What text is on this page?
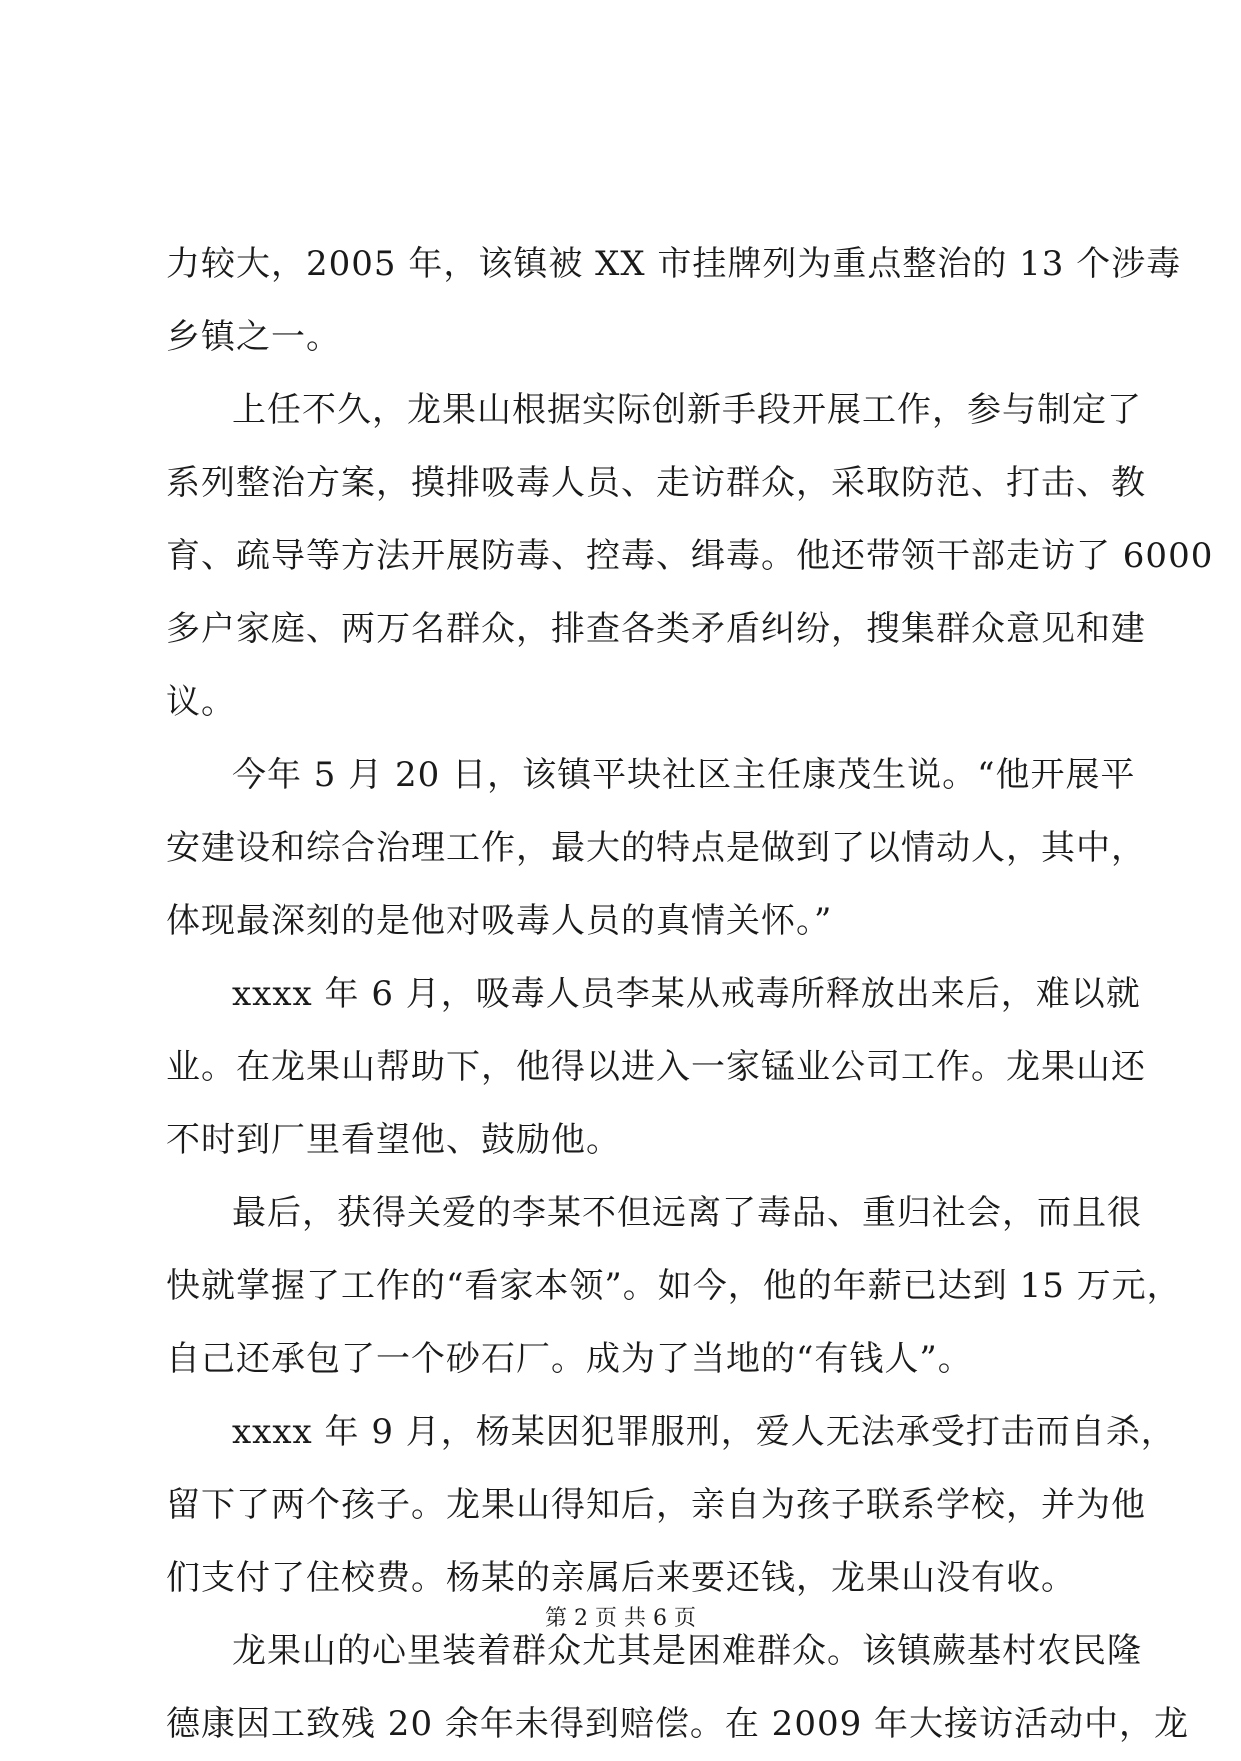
力较大，2005 年，该镇被 XX 市挂牌列为重点整治的 13 个涉毒
乡镇之一。
上任不久，龙果山根据实际创新手段开展工作，参与制定了
系列整治方案，摸排吸毒人员、走访群众，采取防范、打击、教
育、疏导等方法开展防毒、控毒、缉毒。他还带领干部走访了 6000
多户家庭、两万名群众，排查各类矛盾纠纷，搜集群众意见和建
议。
今年 5 月 20 日，该镇平块社区主任康茂生说。“他开展平
安建设和综合治理工作，最大的特点是做到了以情动人，其中，
体现最深刻的是他对吸毒人员的真情关怀。”
xxxx 年 6 月，吸毒人员李某从戒毒所释放出来后，难以就
业。在龙果山帮助下，他得以进入一家锰业公司工作。龙果山还
不时到厂里看望他、鼓励他。
最后，获得关爱的李某不但远离了毒品、重归社会，而且很
快就掌握了工作的“看家本领”。如今，他的年薪已达到 15 万元，
自己还承包了一个砂石厂。成为了当地的“有钱人”。
xxxx 年 9 月，杨某因犯罪服刑，爱人无法承受打击而自杀，
留下了两个孩子。龙果山得知后，亲自为孩子联系学校，并为他
们支付了住校费。杨某的亲属后来要还钱，龙果山没有收。
龙果山的心里装着群众尤其是困难群众。该镇蕨基村农民隆
德康因工致残 20 余年未得到赔偿。在 2009 年大接访活动中，龙
第 2 页 共 6 页
